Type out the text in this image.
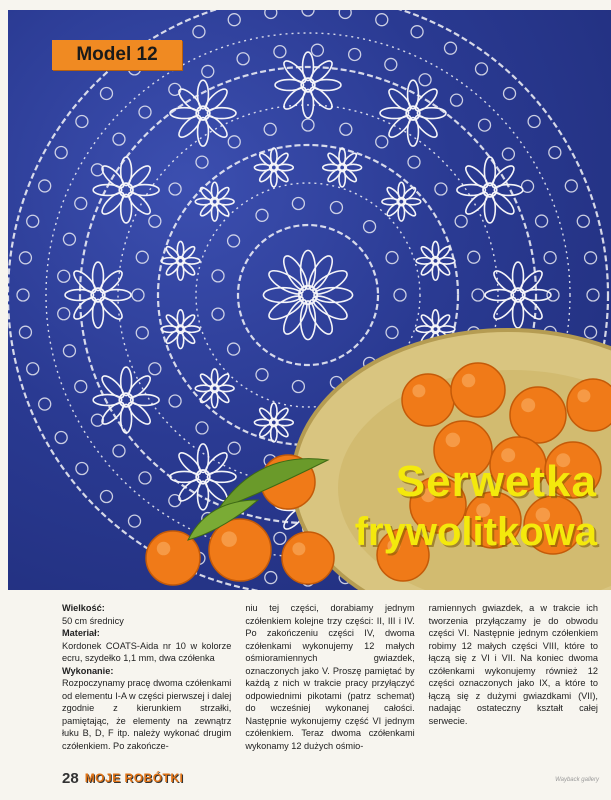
Model 12
Serwetka
frywolitkowa

Wielkość:

50 cm średnicy

Materiał:

Kordonek COATS-Aida nr 10 w kolorze ecru, szydełko 1,1 mm, dwa czółenka

Wykonanie:

Rozpoczynamy pracę dwoma czółenkami od elementu I-A w części pierwszej i dalej zgodnie z kierunkiem strzałki, pamiętając, że elementy na zewnątrz łuku B, D, F itp. należy wykonać drugim czółenkiem. Po zakończe-

niu tej części, dorabiamy jednym czółenkiem kolejne trzy części: II, III i IV. Po zakończeniu części IV, dwoma czółenkami wykonujemy 12 małych ośmioramiennych gwiazdek, oznaczonych jako V. Proszę pamiętać by każdą z nich w trakcie pracy przyłączyć odpowiednimi pikotami (patrz schemat) do wcześniej wykonanej całości. Następnie wykonujemy część VI jednym czółenkiem. Teraz dwoma czółenkami wykonamy 12 dużych ośmio-

ramiennych gwiazdek, a w trakcie ich tworzenia przyłączamy je do obwodu części VI. Następnie jednym czółenkiem robimy 12 małych części VIII, które to łączą się z VI i VII. Na koniec dwoma czółenkami wykonujemy również 12 części oznaczonych jako IX, a które to łączą się z dużymi gwiazdkami (VII), nadając ostateczny kształt całej serwecie.

28 MOJE ROBÓTKI	Wayback gallery
